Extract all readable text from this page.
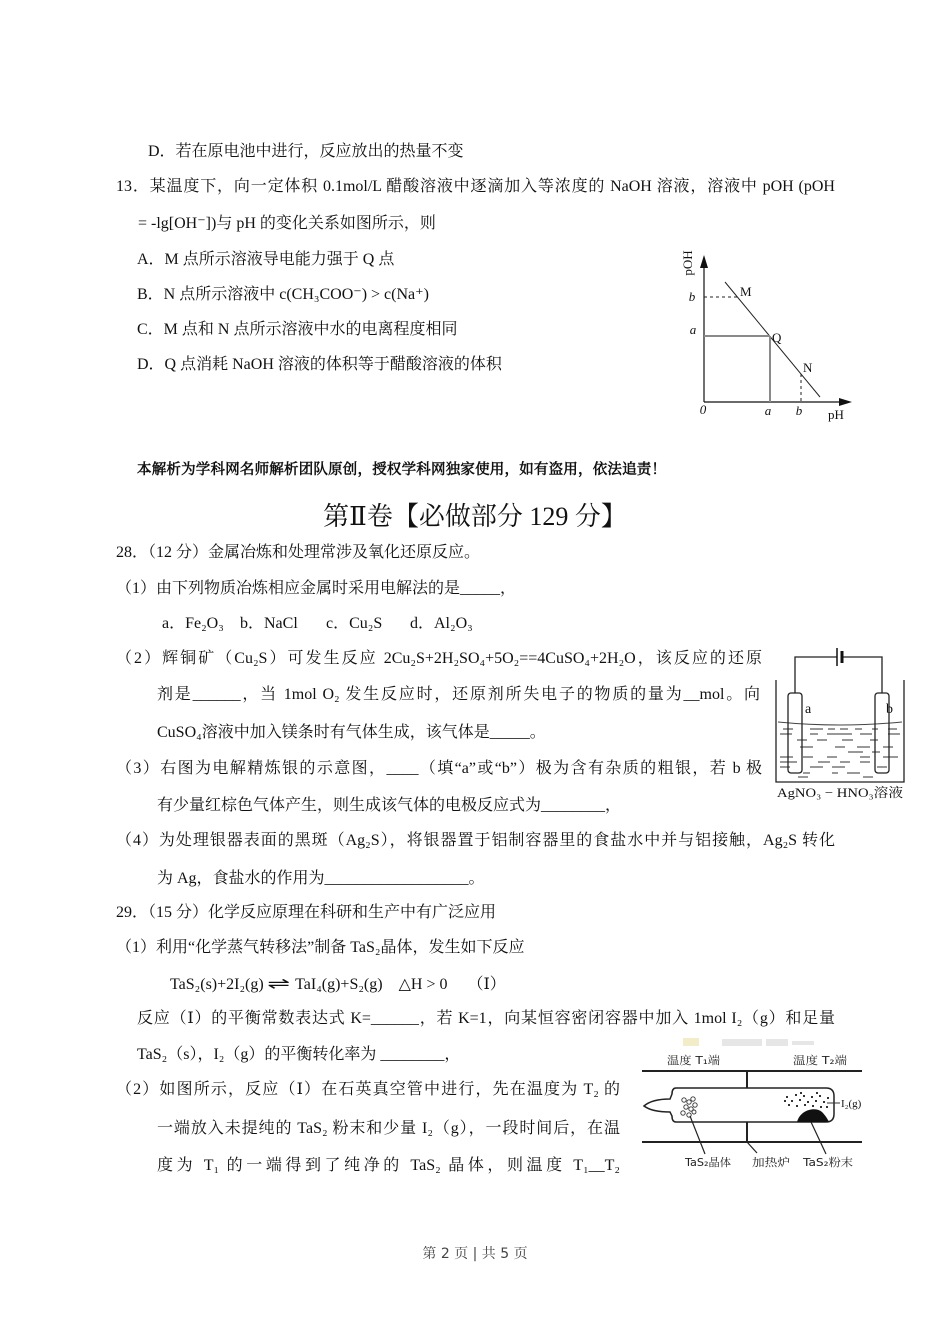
D．若在原电池中进行，反应放出的热量不变
13．某温度下，向一定体积 0.1mol/L 醋酸溶液中逐滴加入等浓度的 NaOH 溶液，溶液中 pOH (pOH
= -lg[OH⁻])与 pH 的变化关系如图所示，则
A．M 点所示溶液导电能力强于 Q 点
B．N 点所示溶液中 c(CH₃COO⁻) > c(Na⁺)
C．M 点和 N 点所示溶液中水的电离程度相同
D．Q 点消耗 NaOH 溶液的体积等于醋酸溶液的体积
pOH
b
a
0	a b pH
M
Q
N
本解析为学科网名师解析团队原创，授权学科网独家使用，如有盗用，依法追责！
第Ⅱ卷【必做部分 129 分】
28．（12 分）金属冶炼和处理常涉及氧化还原反应。
（1）由下列物质冶炼相应金属时采用电解法的是_____，
a．Fe₂O₃ b．NaCl c．Cu₂S d．Al₂O₃
（2）辉铜矿（Cu₂S）可发生反应 2Cu₂S+2H₂SO₄+5O₂==4CuSO₄+2H₂O，该反应的还原
剂是______，当 1mol O₂ 发生反应时，还原剂所失电子的物质的量为__mol。向
CuSO₄溶液中加入镁条时有气体生成，该气体是_____。
（3）右图为电解精炼银的示意图，____（填“a”或“b”）极为含有杂质的粗银，若 b 极
有少量红棕色气体产生，则生成该气体的电极反应式为________，
（4）为处理银器表面的黑斑（Ag₂S），将银器置于铝制容器里的食盐水中并与铝接触，Ag₂S 转化
为 Ag，食盐水的作用为__________________。
a	b
AgNO₃ − HNO₃溶液
29．（15 分）化学反应原理在科研和生产中有广泛应用
（1）利用“化学蒸气转移法”制备 TaS₂晶体，发生如下反应
TaS₂(s)+2I₂(g) ⇌ TaI₄(g)+S₂(g) △H > 0 （Ⅰ）
反应（Ⅰ）的平衡常数表达式 K=______，若 K=1，向某恒容密闭容器中加入 1mol I₂（g）和足量
TaS₂（s），I₂（g）的平衡转化率为 ________，
（2）如图所示，反应（Ⅰ）在石英真空管中进行，先在温度为 T₂ 的
一端放入未提纯的 TaS₂ 粉末和少量 I₂（g），一段时间后，在温
度为 T₁ 的一端得到了纯净的 TaS₂ 晶体，则温度 T₁__T₂
温度 T₁端	温度 T₂端
I₂(g)
TaS₂晶体 加热炉	TaS₂粉末
第 2 页 | 共 5 页
